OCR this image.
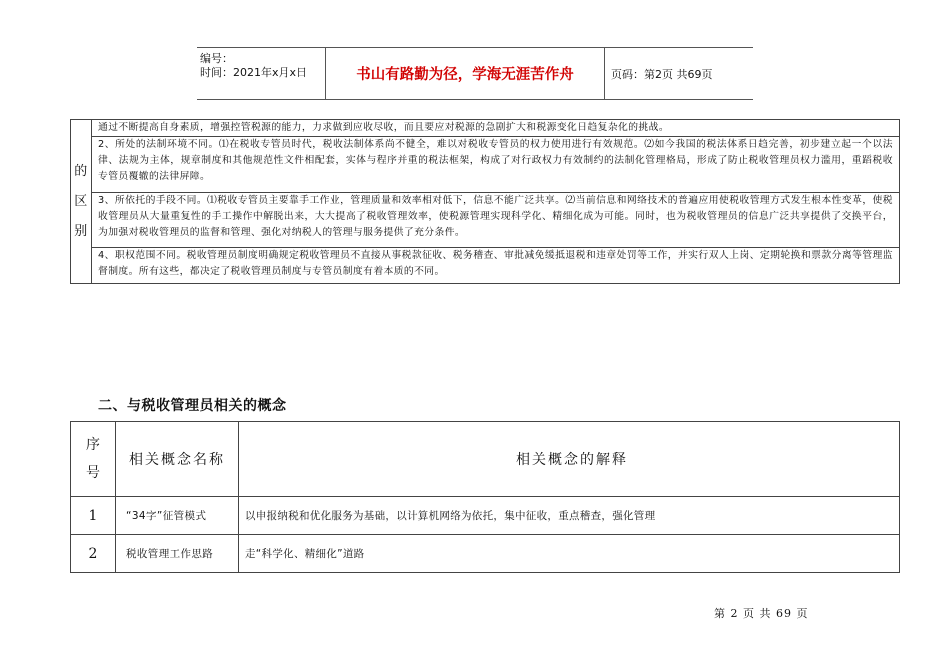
编号：
时间：2021年x月x日	书山有路勤为径，学海无涯苦作舟	页码：第2页 共69页
的
区
别
	通过不断提高自身素质，增强控管税源的能力，力求做到应收尽收，而且要应对税源的急剧扩大和税源变化日趋复杂化的挑战。
2、所处的法制环境不同。⑴在税收专管员时代，税收法制体系尚不健全，难以对税收专管员的权力使用进行有效规范。⑵如今我国的税法体系日趋完善，初步建立起一个以法律、法规为主体，规章制度和其他规范性文件相配套，实体与程序并重的税法框架，构成了对行政权力有效制约的法制化管理格局，形成了防止税收管理员权力滥用，重蹈税收专管员覆辙的法律屏障。
3、所依托的手段不同。⑴税收专管员主要靠手工作业，管理质量和效率相对低下，信息不能广泛共享。⑵当前信息和网络技术的普遍应用使税收管理方式发生根本性变革，使税收管理员从大量重复性的手工操作中解脱出来，大大提高了税收管理效率，使税源管理实现科学化、精细化成为可能。同时，也为税收管理员的信息广泛共享提供了交换平台，为加强对税收管理员的监督和管理、强化对纳税人的管理与服务提供了充分条件。
4、职权范围不同。税收管理员制度明确规定税收管理员不直接从事税款征收、税务稽查、审批减免缓抵退税和违章处罚等工作，并实行双人上岗、定期轮换和票款分离等管理监督制度。所有这些，都决定了税收管理员制度与专管员制度有着本质的不同。
二、与税收管理员相关的概念
序
号	相关概念名称	相关概念的解释
1	“34字”征管模式	以申报纳税和优化服务为基础，以计算机网络为依托，集中征收，重点稽查，强化管理
2	税收管理工作思路	走“科学化、精细化”道路
第 2 页 共 69 页
